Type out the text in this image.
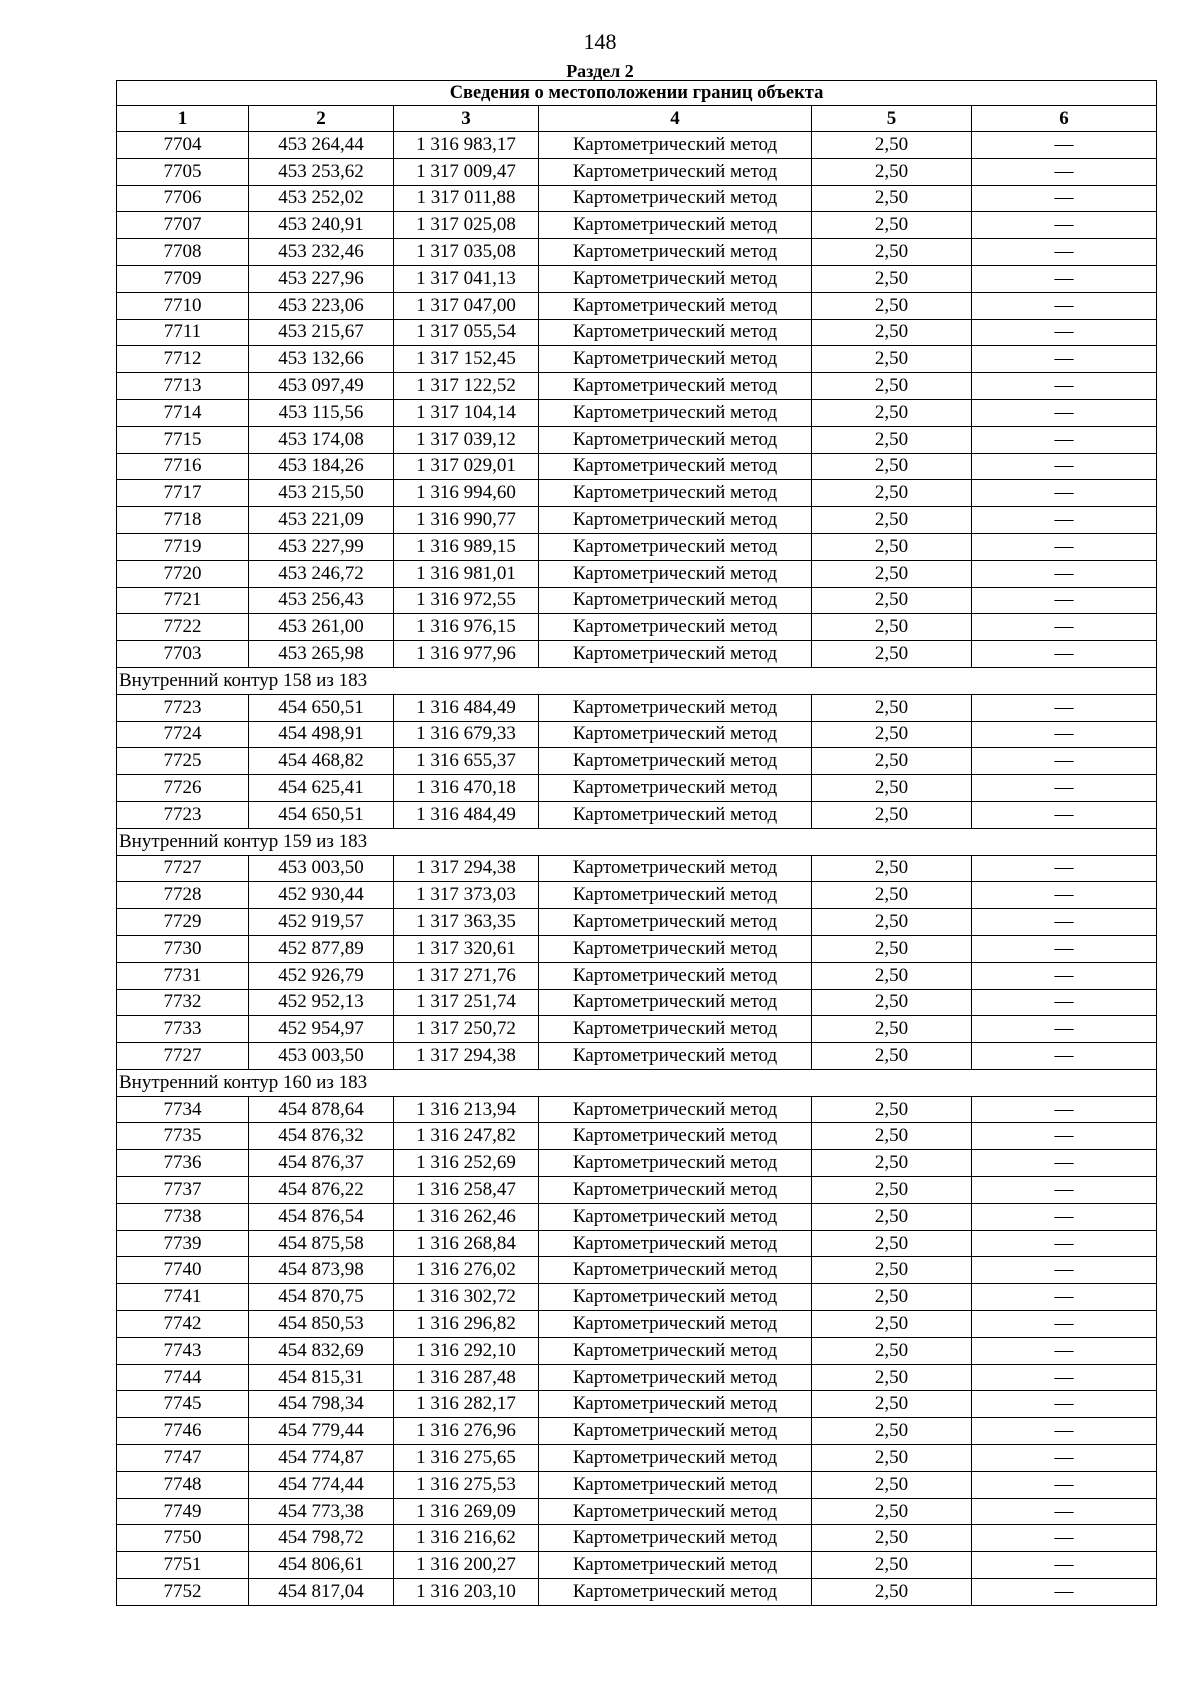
148
Раздел 2
Сведения о местоположении границ объекта					
1	2	3	4	5	6
7704	453 264,44	1 316 983,17	Картометрический метод	2,50	—
7705	453 253,62	1 317 009,47	Картометрический метод	2,50	—
7706	453 252,02	1 317 011,88	Картометрический метод	2,50	—
7707	453 240,91	1 317 025,08	Картометрический метод	2,50	—
7708	453 232,46	1 317 035,08	Картометрический метод	2,50	—
7709	453 227,96	1 317 041,13	Картометрический метод	2,50	—
7710	453 223,06	1 317 047,00	Картометрический метод	2,50	—
7711	453 215,67	1 317 055,54	Картометрический метод	2,50	—
7712	453 132,66	1 317 152,45	Картометрический метод	2,50	—
7713	453 097,49	1 317 122,52	Картометрический метод	2,50	—
7714	453 115,56	1 317 104,14	Картометрический метод	2,50	—
7715	453 174,08	1 317 039,12	Картометрический метод	2,50	—
7716	453 184,26	1 317 029,01	Картометрический метод	2,50	—
7717	453 215,50	1 316 994,60	Картометрический метод	2,50	—
7718	453 221,09	1 316 990,77	Картометрический метод	2,50	—
7719	453 227,99	1 316 989,15	Картометрический метод	2,50	—
7720	453 246,72	1 316 981,01	Картометрический метод	2,50	—
7721	453 256,43	1 316 972,55	Картометрический метод	2,50	—
7722	453 261,00	1 316 976,15	Картометрический метод	2,50	—
7703	453 265,98	1 316 977,96	Картометрический метод	2,50	—
Внутренний контур 158 из 183					
7723	454 650,51	1 316 484,49	Картометрический метод	2,50	—
7724	454 498,91	1 316 679,33	Картометрический метод	2,50	—
7725	454 468,82	1 316 655,37	Картометрический метод	2,50	—
7726	454 625,41	1 316 470,18	Картометрический метод	2,50	—
7723	454 650,51	1 316 484,49	Картометрический метод	2,50	—
Внутренний контур 159 из 183					
7727	453 003,50	1 317 294,38	Картометрический метод	2,50	—
7728	452 930,44	1 317 373,03	Картометрический метод	2,50	—
7729	452 919,57	1 317 363,35	Картометрический метод	2,50	—
7730	452 877,89	1 317 320,61	Картометрический метод	2,50	—
7731	452 926,79	1 317 271,76	Картометрический метод	2,50	—
7732	452 952,13	1 317 251,74	Картометрический метод	2,50	—
7733	452 954,97	1 317 250,72	Картометрический метод	2,50	—
7727	453 003,50	1 317 294,38	Картометрический метод	2,50	—
Внутренний контур 160 из 183					
7734	454 878,64	1 316 213,94	Картометрический метод	2,50	—
7735	454 876,32	1 316 247,82	Картометрический метод	2,50	—
7736	454 876,37	1 316 252,69	Картометрический метод	2,50	—
7737	454 876,22	1 316 258,47	Картометрический метод	2,50	—
7738	454 876,54	1 316 262,46	Картометрический метод	2,50	—
7739	454 875,58	1 316 268,84	Картометрический метод	2,50	—
7740	454 873,98	1 316 276,02	Картометрический метод	2,50	—
7741	454 870,75	1 316 302,72	Картометрический метод	2,50	—
7742	454 850,53	1 316 296,82	Картометрический метод	2,50	—
7743	454 832,69	1 316 292,10	Картометрический метод	2,50	—
7744	454 815,31	1 316 287,48	Картометрический метод	2,50	—
7745	454 798,34	1 316 282,17	Картометрический метод	2,50	—
7746	454 779,44	1 316 276,96	Картометрический метод	2,50	—
7747	454 774,87	1 316 275,65	Картометрический метод	2,50	—
7748	454 774,44	1 316 275,53	Картометрический метод	2,50	—
7749	454 773,38	1 316 269,09	Картометрический метод	2,50	—
7750	454 798,72	1 316 216,62	Картометрический метод	2,50	—
7751	454 806,61	1 316 200,27	Картометрический метод	2,50	—
7752	454 817,04	1 316 203,10	Картометрический метод	2,50	—
